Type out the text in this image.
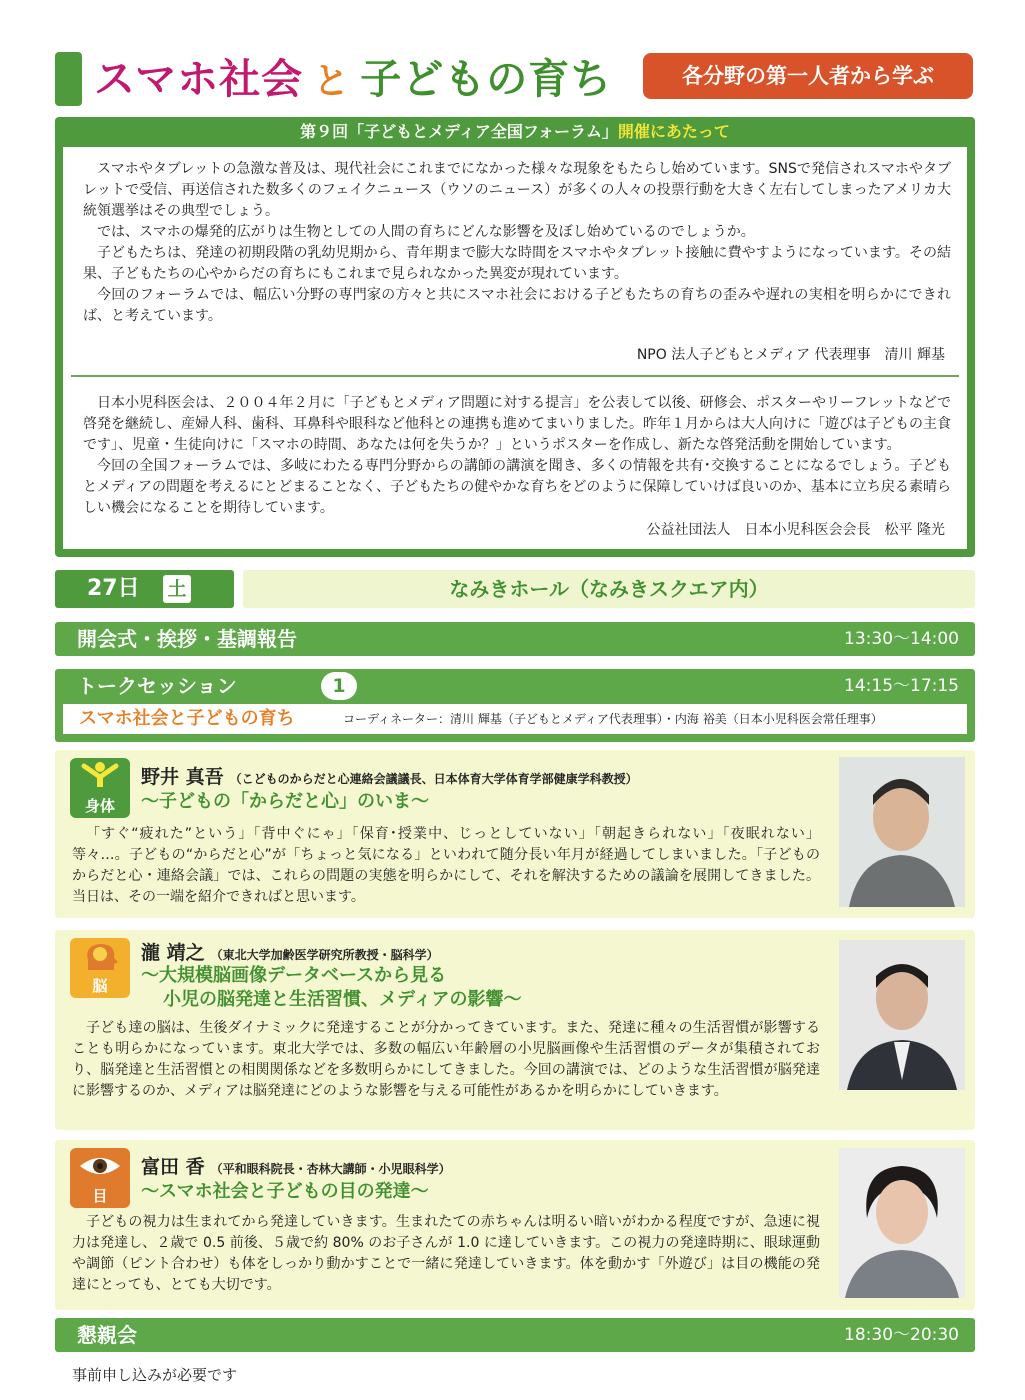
スマホ社会 と 子どもの育ち	各分野の第一人者から学ぶ
第９回「子どもとメディア全国フォーラム」開催にあたって

スマホやタブレットの急激な普及は、現代社会にこれまでになかった様々な現象をもたらし始めています。SNSで発信されスマホやタブレットで受信、再送信された数多くのフェイクニュース（ウソのニュース）が多くの人々の投票行動を大きく左右してしまったアメリカ大統領選挙はその典型でしょう。

では、スマホの爆発的広がりは生物としての人間の育ちにどんな影響を及ぼし始めているのでしょうか。

子どもたちは、発達の初期段階の乳幼児期から、青年期まで膨大な時間をスマホやタブレット接触に費やすようになっています。その結果、子どもたちの心やからだの育ちにもこれまで見られなかった異変が現れています。

今回のフォーラムでは、幅広い分野の専門家の方々と共にスマホ社会における子どもたちの育ちの歪みや遅れの実相を明らかにできれば、と考えています。

NPO 法人子どもとメディア 代表理事　清川 輝基

日本小児科医会は、２００４年２月に「子どもとメディア問題に対する提言」を公表して以後、研修会、ポスターやリーフレットなどで啓発を継続し、産婦人科、歯科、耳鼻科や眼科など他科との連携も進めてまいりました。昨年１月からは大人向けに「遊びは子どもの主食です」、児童・生徒向けに「スマホの時間、あなたは何を失うか？」というポスターを作成し、新たな啓発活動を開始しています。

今回の全国フォーラムでは、多岐にわたる専門分野からの講師の講演を聞き、多くの情報を共有･交換することになるでしょう。子どもとメディアの問題を考えるにとどまることなく、子どもたちの健やかな育ちをどのように保障していけば良いのか、基本に立ち戻る素晴らしい機会になることを期待しています。

公益社団法人　日本小児科医会会長　松平 隆光
27日 土	なみきホール（なみきスクエア内）
開会式・挨拶・基調報告	13:30〜14:00
トークセッション	1	14:15〜17:15
スマホ社会と子どもの育ち	コーディネーター：清川 輝基（子どもとメディア代表理事）・内海 裕美（日本小児科医会常任理事）
身体
野井 真吾 （こどものからだと心連絡会議議長、日本体育大学体育学部健康学科教授）
〜子どもの「からだと心」のいま〜
「すぐ“疲れた”という」「背中ぐにゃ」「保育･授業中、じっとしていない」「朝起きられない」「夜眠れない」等々…。子どもの“からだと心”が「ちょっと気になる」といわれて随分長い年月が経過してしまいました。「子どものからだと心・連絡会議」では、これらの問題の実態を明らかにして、それを解決するための議論を展開してきました。当日は、その一端を紹介できればと思います。
脳
瀧 靖之 （東北大学加齢医学研究所教授・脳科学）
〜大規模脳画像データベースから見る
小児の脳発達と生活習慣、メディアの影響〜
子ども達の脳は、生後ダイナミックに発達することが分かってきています。また、発達に種々の生活習慣が影響することも明らかになっています。東北大学では、多数の幅広い年齢層の小児脳画像や生活習慣のデータが集積されており、脳発達と生活習慣との相関関係などを多数明らかにしてきました。今回の講演では、どのような生活習慣が脳発達に影響するのか、メディアは脳発達にどのような影響を与える可能性があるかを明らかにしていきます。
目
富田 香 （平和眼科院長・杏林大講師・小児眼科学）
〜スマホ社会と子どもの目の発達〜
子どもの視力は生まれてから発達していきます。生まれたての赤ちゃんは明るい暗いがわかる程度ですが、急速に視力は発達し、２歳で 0.5 前後、５歳で約 80% のお子さんが 1.0 に達していきます。この視力の発達時期に、眼球運動や調節（ピント合わせ）も体をしっかり動かすことで一緒に発達していきます。体を動かす「外遊び」は目の機能の発達にとっても、とても大切です。
懇親会	18:30〜20:30
事前申し込みが必要です
